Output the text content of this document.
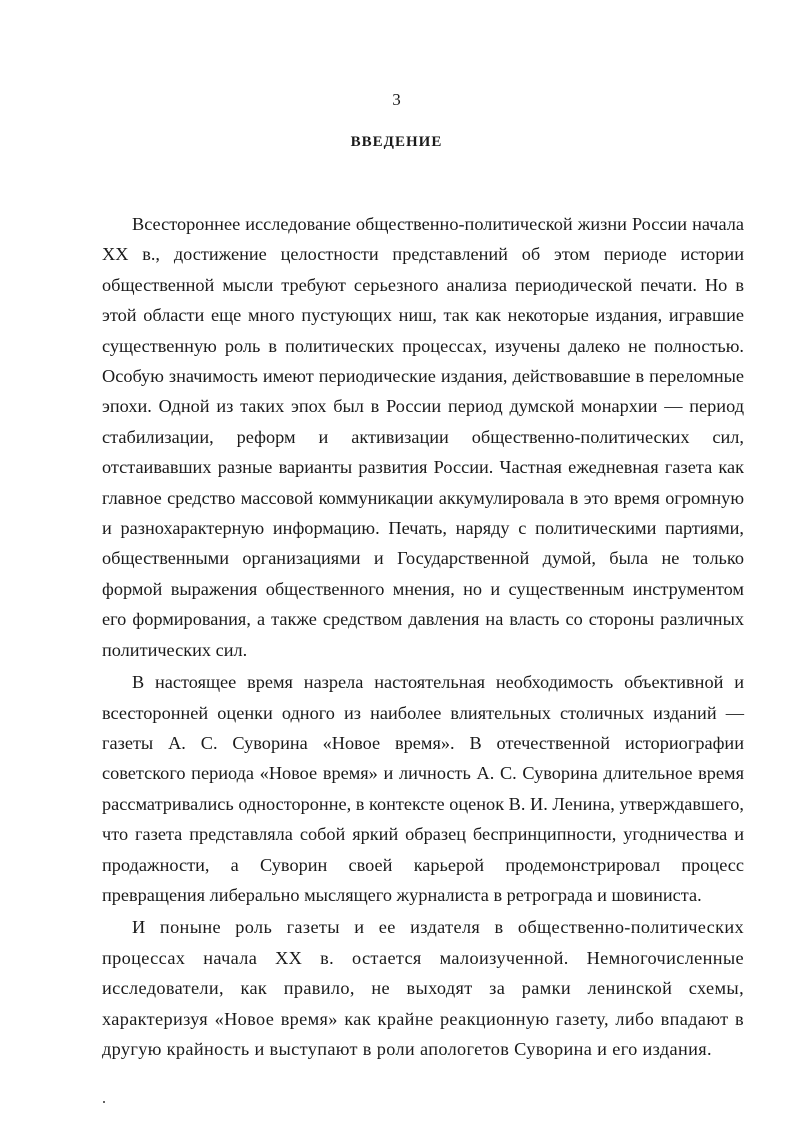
3
ВВЕДЕНИЕ

Всестороннее исследование общественно-политической жизни России начала XX в., достижение целостности представлений об этом периоде истории общественной мысли требуют серьезного анализа периодической печати. Но в этой области еще много пустующих ниш, так как некоторые издания, игравшие существенную роль в политических процессах, изучены далеко не полностью. Особую значимость имеют периодические издания, действовавшие в переломные эпохи. Одной из таких эпох был в России период думской монархии — период стабилизации, реформ и активизации общественно-политических сил, отстаивавших разные варианты развития России. Частная ежедневная газета как главное средство массовой коммуникации аккумулировала в это время огромную и разнохарактерную информацию. Печать, наряду с политическими партиями, общественными организациями и Государственной думой, была не только формой выражения общественного мнения, но и существенным инструментом его формирования, а также средством давления на власть со стороны различных политических сил.

В настоящее время назрела настоятельная необходимость объективной и всесторонней оценки одного из наиболее влиятельных столичных изданий — газеты А. С. Суворина «Новое время». В отечественной историографии советского периода «Новое время» и личность А. С. Суворина длительное время рассматривались односторонне, в контексте оценок В. И. Ленина, утверждавшего, что газета представляла собой яркий образец беспринципности, угодничества и продажности, а Суворин своей карьерой продемонстрировал процесс превращения либерально мыслящего журналиста в ретрограда и шовиниста.

И поныне роль газеты и ее издателя в общественно-политических процессах начала XX в. остается малоизученной. Немногочисленные исследователи, как правило, не выходят за рамки ленинской схемы, характеризуя «Новое время» как крайне реакционную газету, либо впадают в другую крайность и выступают в роли апологетов Суворина и его издания.
